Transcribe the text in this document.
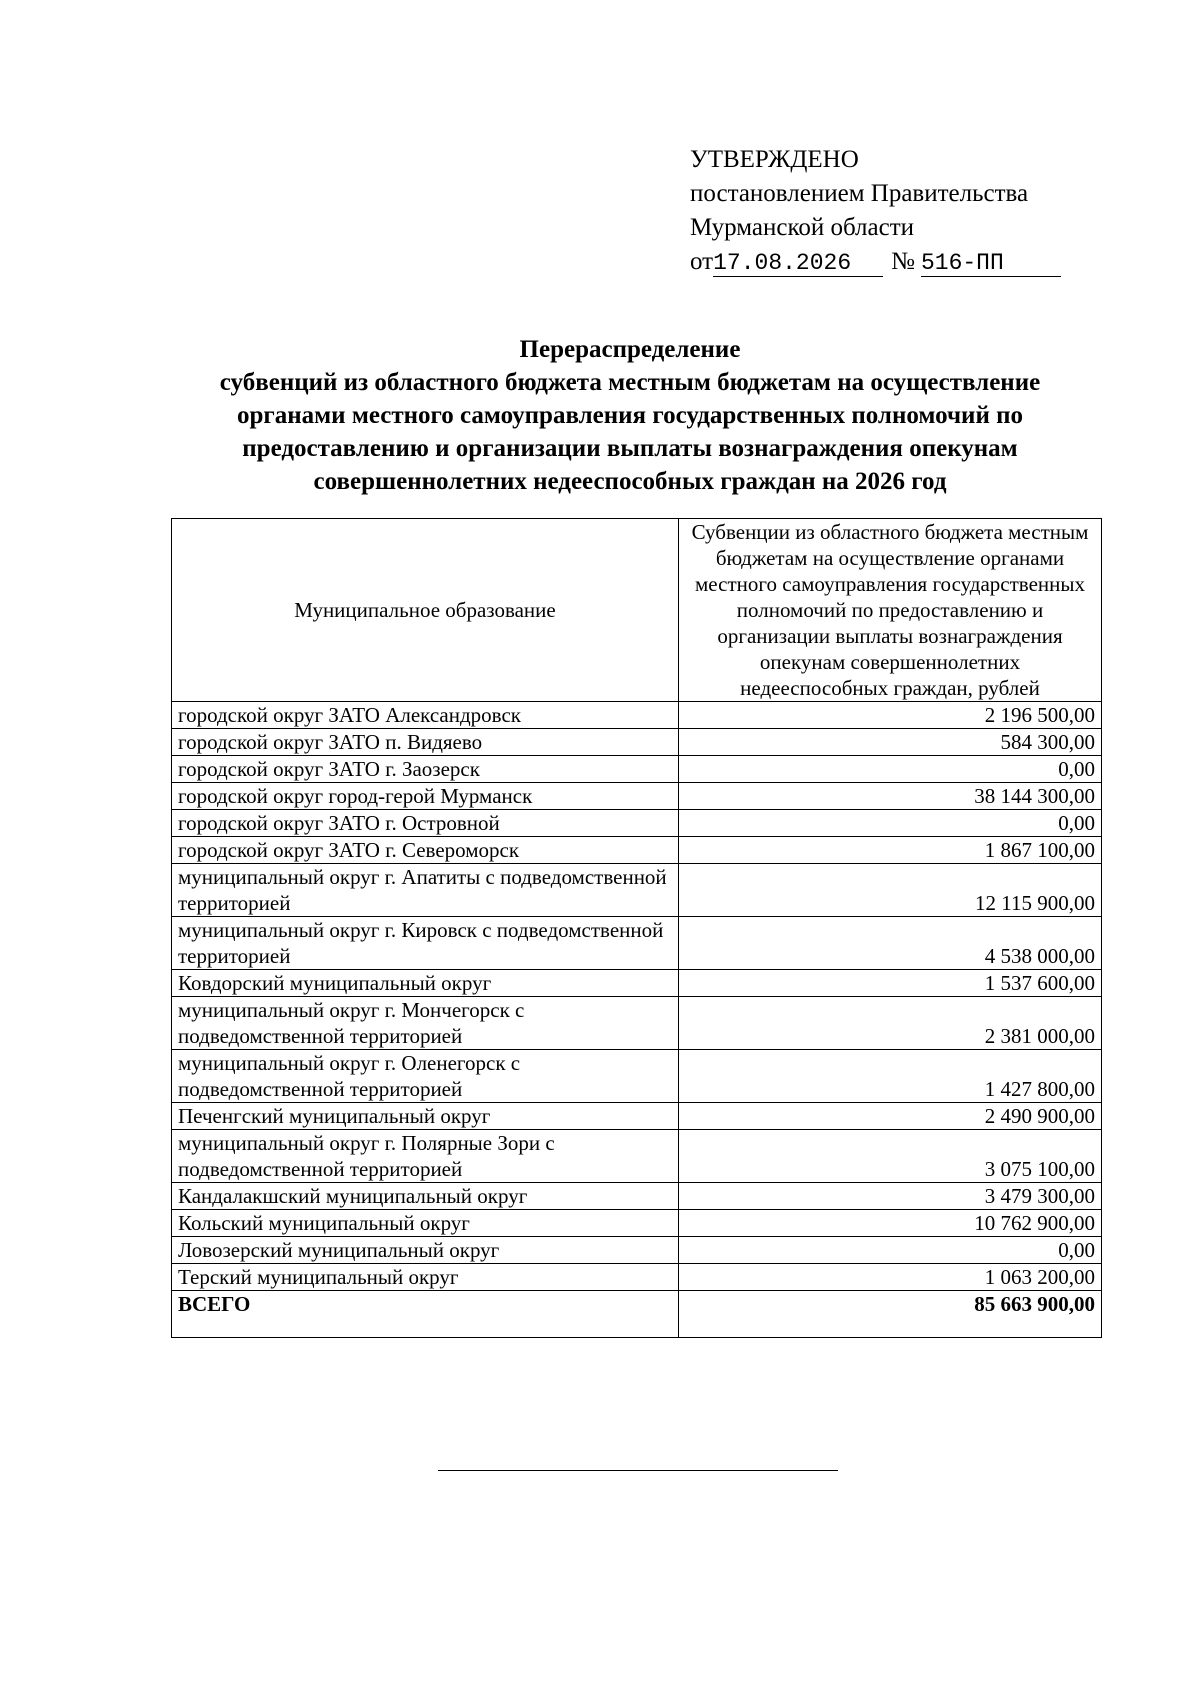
УТВЕРЖДЕНО
постановлением Правительства
Мурманской области
от17.08.2026 № 516-ПП
Перераспределение
субвенций из областного бюджета местным бюджетам на осуществление
органами местного самоуправления государственных полномочий по
предоставлению и организации выплаты вознаграждения опекунам
совершеннолетних недееспособных граждан на 2026 год
Муниципальное образование	Субвенции из областного бюджета местным бюджетам на осуществление органами местного самоуправления государственных полномочий по предоставлению и организации выплаты вознаграждения опекунам совершеннолетних недееспособных граждан, рублей
городской округ ЗАТО Александровск	2 196 500,00
городской округ ЗАТО п. Видяево	584 300,00
городской округ ЗАТО г. Заозерск	0,00
городской округ город-герой Мурманск	38 144 300,00
городской округ ЗАТО г. Островной	0,00
городской округ ЗАТО г. Североморск	1 867 100,00
муниципальный округ г. Апатиты с подведомственной территорией	12 115 900,00
муниципальный округ г. Кировск с подведомственной территорией	4 538 000,00
Ковдорский муниципальный округ	1 537 600,00
муниципальный округ г. Мончегорск с подведомственной территорией	2 381 000,00
муниципальный округ г. Оленегорск с подведомственной территорией	1 427 800,00
Печенгский муниципальный округ	2 490 900,00
муниципальный округ г. Полярные Зори с подведомственной территорией	3 075 100,00
Кандалакшский муниципальный округ	3 479 300,00
Кольский муниципальный округ	10 762 900,00
Ловозерский муниципальный округ	0,00
Терский муниципальный округ	1 063 200,00
ВСЕГО	85 663 900,00
